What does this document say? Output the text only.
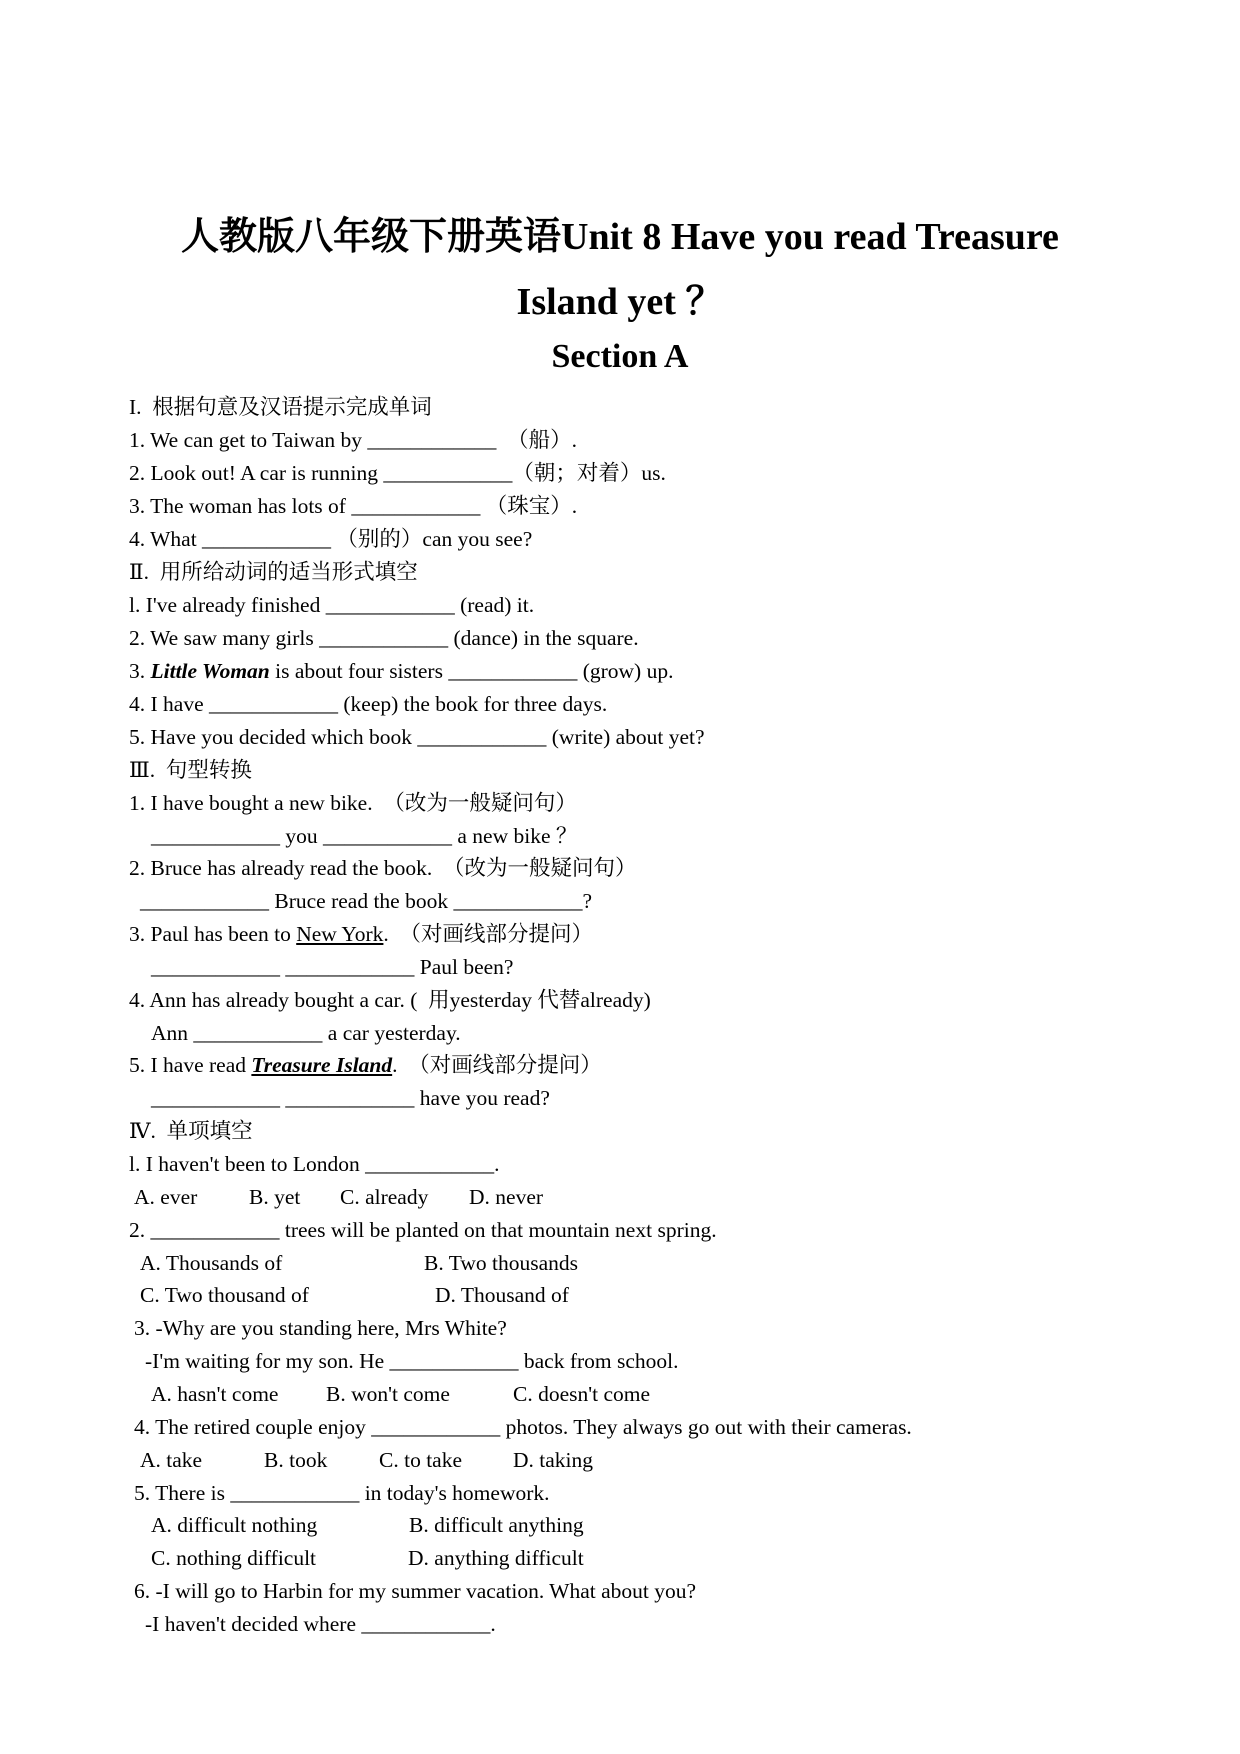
人教版八年级下册英语Unit 8 Have you read Treasure
Island yet ？
Section A
I.  根据句意及汉语提示完成单词
1. We can get to Taiwan by ____________  （船）.
2. Look out! A car is running ____________（朝；对着）us.
3. The woman has lots of ____________ （珠宝）.
4. What ____________ （别的）can you see?
Ⅱ.  用所给动词的适当形式填空
l. I've already finished ____________ (read) it.
2. We saw many girls ____________ (dance) in the square.
3. Little Woman is about four sisters ____________ (grow) up.
4. I have ____________ (keep) the book for three days.
5. Have you decided which book ____________ (write) about yet?
Ⅲ.  句型转换
1. I have bought a new bike.  （改为一般疑问句）
____________ you ____________ a new bike ？
2. Bruce has already read the book.  （改为一般疑问句）
____________ Bruce read the book ____________?
3. Paul has been to New York.  （对画线部分提问）
____________ ____________ Paul been?
4. Ann has already bought a car. (  用yesterday 代替already)
Ann ____________ a car yesterday.
5. I have read Treasure Island.  （对画线部分提问）
____________ ____________ have you read?
Ⅳ.  单项填空
l. I haven't been to London ____________.
A. ever B. yet C. already D. never
2. ____________ trees will be planted on that mountain next spring.
A. Thousands of	B. Two thousands
C. Two thousand of	D. Thousand of
3. -Why are you standing here, Mrs White?
-I'm waiting for my son. He ____________ back from school.
A. hasn't come B. won't come	C. doesn't come
4. The retired couple enjoy ____________ photos. They always go out with their cameras.
A. take	B. took C. to take D. taking
5. There is ____________ in today's homework.
A. difficult nothing	B. difficult anything
C. nothing difficult	D. anything difficult
6. -I will go to Harbin for my summer vacation. What about you?
-I haven't decided where ____________.
